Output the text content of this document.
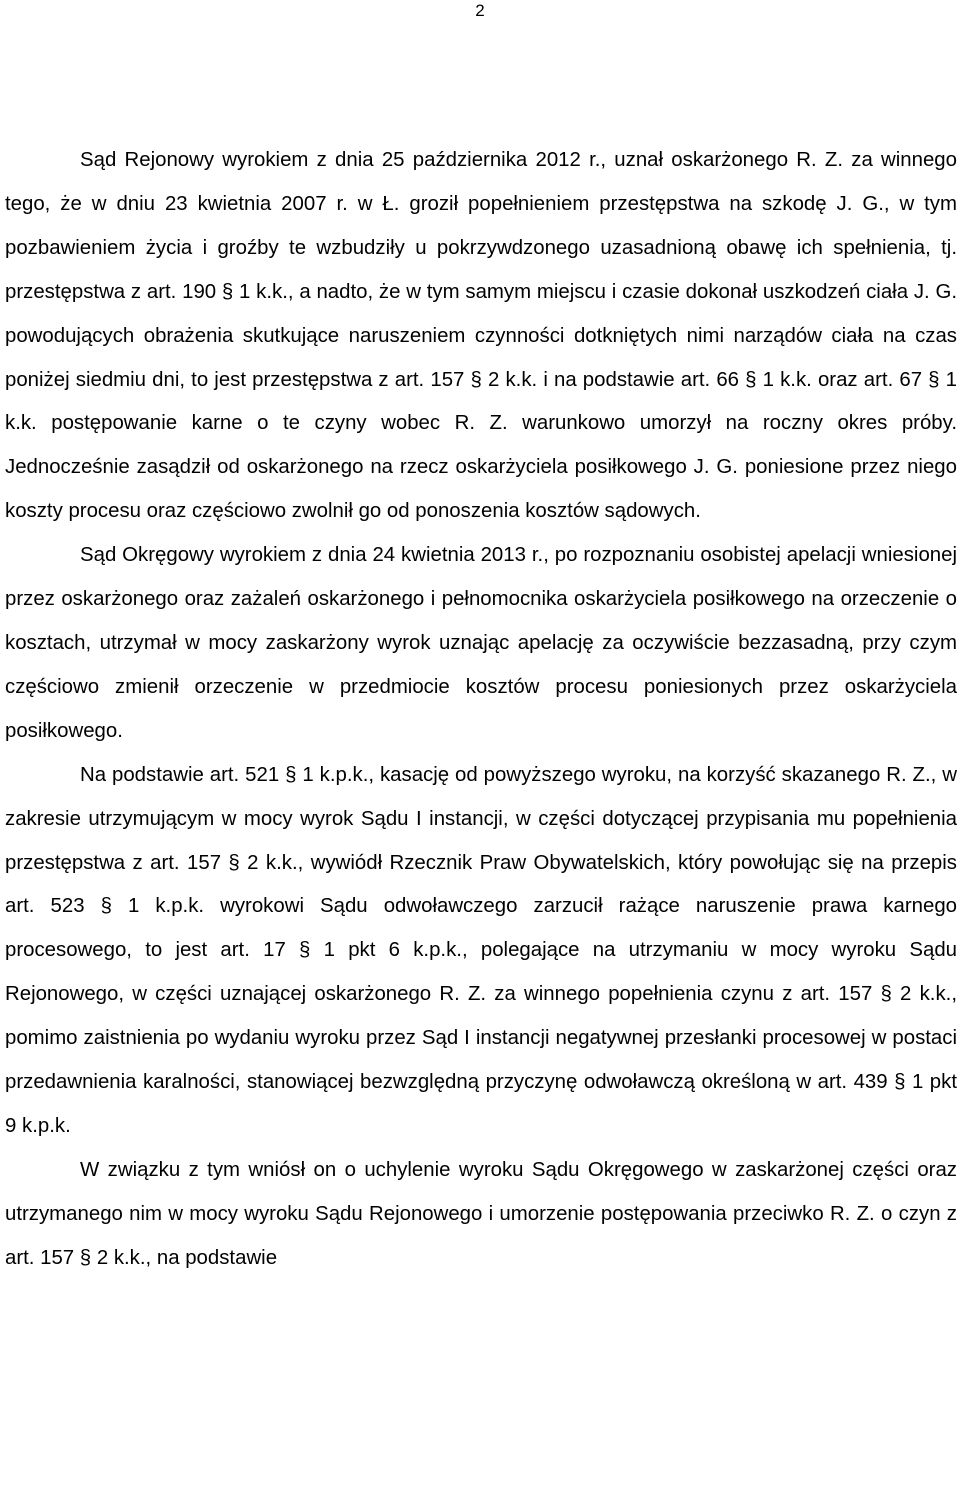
2

Sąd Rejonowy wyrokiem z dnia 25 października 2012 r., uznał oskarżonego R. Z. za winnego tego, że w dniu 23 kwietnia 2007 r. w Ł. groził popełnieniem przestępstwa na szkodę J. G., w tym pozbawieniem życia i groźby te wzbudziły u pokrzywdzonego uzasadnioną obawę ich spełnienia, tj. przestępstwa z art. 190 § 1 k.k., a nadto, że w tym samym miejscu i czasie dokonał uszkodzeń ciała J. G. powodujących obrażenia skutkujące naruszeniem czynności dotkniętych nimi narządów ciała na czas poniżej siedmiu dni, to jest przestępstwa z art. 157 § 2 k.k. i na podstawie art. 66 § 1 k.k. oraz art. 67 § 1 k.k. postępowanie karne o te czyny wobec R. Z. warunkowo umorzył na roczny okres próby. Jednocześnie zasądził od oskarżonego na rzecz oskarżyciela posiłkowego J. G. poniesione przez niego koszty procesu oraz częściowo zwolnił go od ponoszenia kosztów sądowych.

Sąd Okręgowy wyrokiem z dnia 24 kwietnia 2013 r., po rozpoznaniu osobistej apelacji wniesionej przez oskarżonego oraz zażaleń oskarżonego i pełnomocnika oskarżyciela posiłkowego na orzeczenie o kosztach, utrzymał w mocy zaskarżony wyrok uznając apelację za oczywiście bezzasadną, przy czym częściowo zmienił orzeczenie w przedmiocie kosztów procesu poniesionych przez oskarżyciela posiłkowego.

Na podstawie art. 521 § 1 k.p.k., kasację od powyższego wyroku, na korzyść skazanego R. Z., w zakresie utrzymującym w mocy wyrok Sądu I instancji, w części dotyczącej przypisania mu popełnienia przestępstwa z art. 157 § 2 k.k., wywiódł Rzecznik Praw Obywatelskich, który powołując się na przepis art. 523 § 1 k.p.k. wyrokowi Sądu odwoławczego zarzucił rażące naruszenie prawa karnego procesowego, to jest art. 17 § 1 pkt 6 k.p.k., polegające na utrzymaniu w mocy wyroku Sądu Rejonowego, w części uznającej oskarżonego R. Z. za winnego popełnienia czynu z art. 157 § 2 k.k., pomimo zaistnienia po wydaniu wyroku przez Sąd I instancji negatywnej przesłanki procesowej w postaci przedawnienia karalności, stanowiącej bezwzględną przyczynę odwoławczą określoną w art. 439 § 1 pkt 9 k.p.k.

W związku z tym wniósł on o uchylenie wyroku Sądu Okręgowego w zaskarżonej części oraz utrzymanego nim w mocy wyroku Sądu Rejonowego i umorzenie postępowania przeciwko R. Z. o czyn z art. 157 § 2 k.k., na podstawie
